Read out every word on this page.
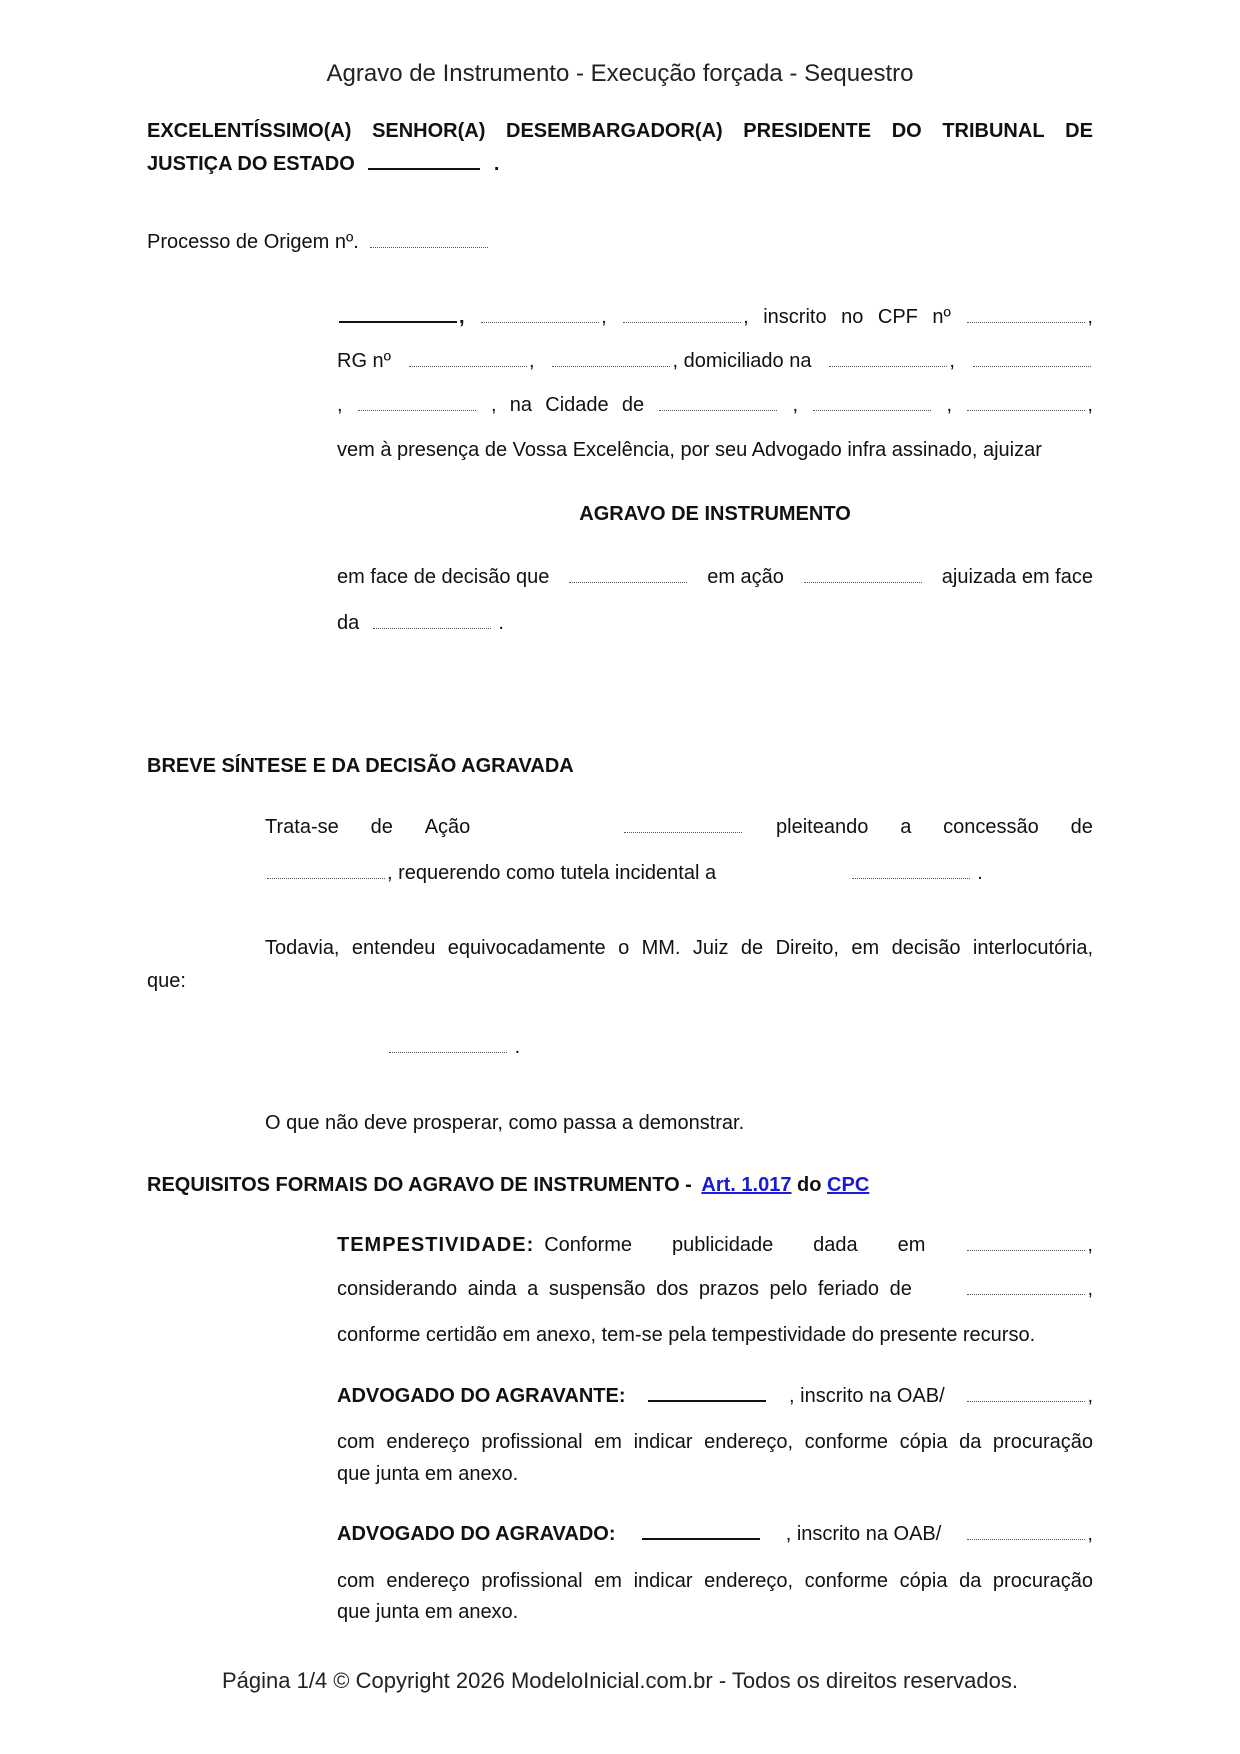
Agravo de Instrumento - Execução forçada - Sequestro
EXCELENTÍSSIMO(A) SENHOR(A) DESEMBARGADOR(A) PRESIDENTE DO TRIBUNAL DE
JUSTIÇA DO ESTADO	.
Processo de Origem nº.
,	,	, inscrito no CPF nº	,
RG nº	,	, domiciliado na	,
,	, na Cidade de	,	,	,
vem à presença de Vossa Excelência, por seu Advogado infra assinado, ajuizar
AGRAVO DE INSTRUMENTO
em face de decisão que	em ação	ajuizada em face
da	.
BREVE SÍNTESE E DA DECISÃO AGRAVADA
Trata-se de Ação	pleiteando a concessão de
, requerendo como tutela incidental a	.
Todavia, entendeu equivocadamente o MM. Juiz de Direito, em decisão interlocutória,
que:
.
O que não deve prosperar, como passa a demonstrar.
REQUISITOS FORMAIS DO AGRAVO DE INSTRUMENTO - Art. 1.017 do CPC
TEMPESTIVIDADE: Conforme publicidade dada em	,
considerando ainda a suspensão dos prazos pelo feriado de	,
conforme certidão em anexo, tem-se pela tempestividade do presente recurso.
ADVOGADO DO AGRAVANTE:	, inscrito na OAB/	,
com endereço profissional em indicar endereço, conforme cópia da procuração
que junta em anexo.
ADVOGADO DO AGRAVADO:	, inscrito na OAB/	,
com endereço profissional em indicar endereço, conforme cópia da procuração
que junta em anexo.
Página 1/4 © Copyright 2026 ModeloInicial.com.br - Todos os direitos reservados.
